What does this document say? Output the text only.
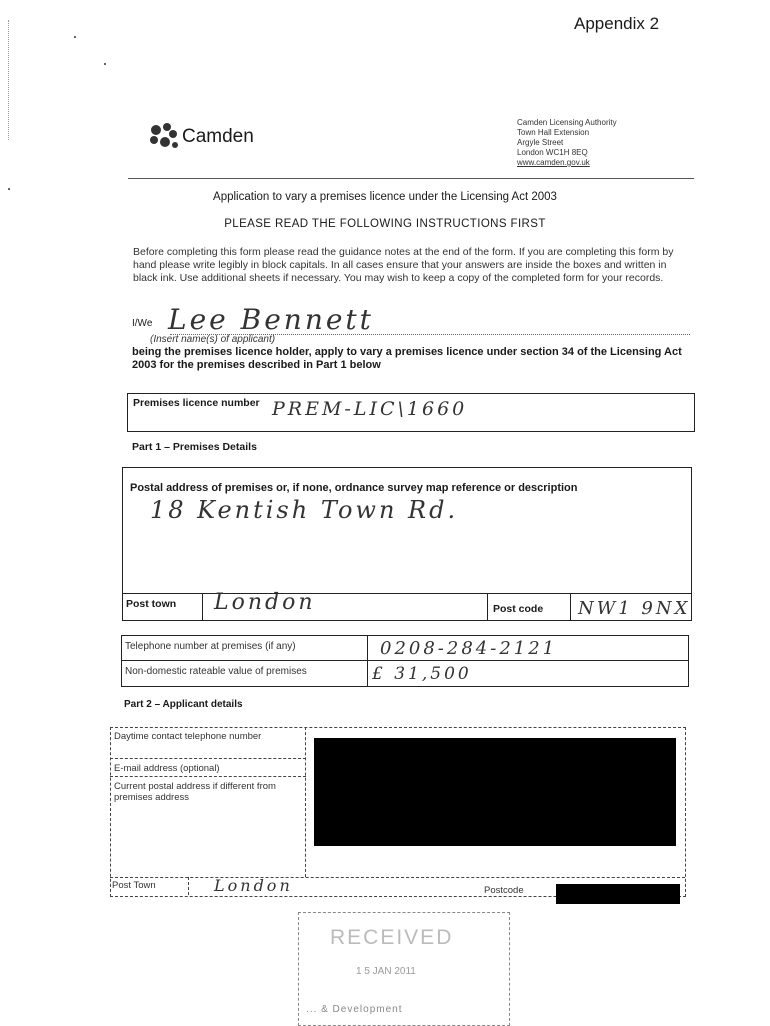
Appendix 2
Camden
Camden Licensing Authority
Town Hall Extension
Argyle Street
London WC1H 8EQ
www.camden.gov.uk
Application to vary a premises licence under the Licensing Act 2003
PLEASE READ THE FOLLOWING INSTRUCTIONS FIRST
Before completing this form please read the guidance notes at the end of the form. If you are completing this form by hand please write legibly in block capitals. In all cases ensure that your answers are inside the boxes and written in black ink. Use additional sheets if necessary. You may wish to keep a copy of the completed form for your records.
I/We Lee Bennett
(Insert name(s) of applicant)
being the premises licence holder, apply to vary a premises licence under section 34 of the Licensing Act 2003 for the premises described in Part 1 below
Premises licence number PREM-LIC\1660
Part 1 – Premises Details
Postal address of premises or, if none, ordnance survey map reference or description
18 Kentish Town Rd.
Post town London	Post code NW1 9NX
Telephone number at premises (if any)	0208-284-2121
Non-domestic rateable value of premises	£ 31,500
Part 2 – Applicant details
Daytime contact telephone number
E-mail address (optional)
Current postal address if different from premises address
Post Town	London	Postcode
RECEIVED
1 5 JAN 2011
... & Development
